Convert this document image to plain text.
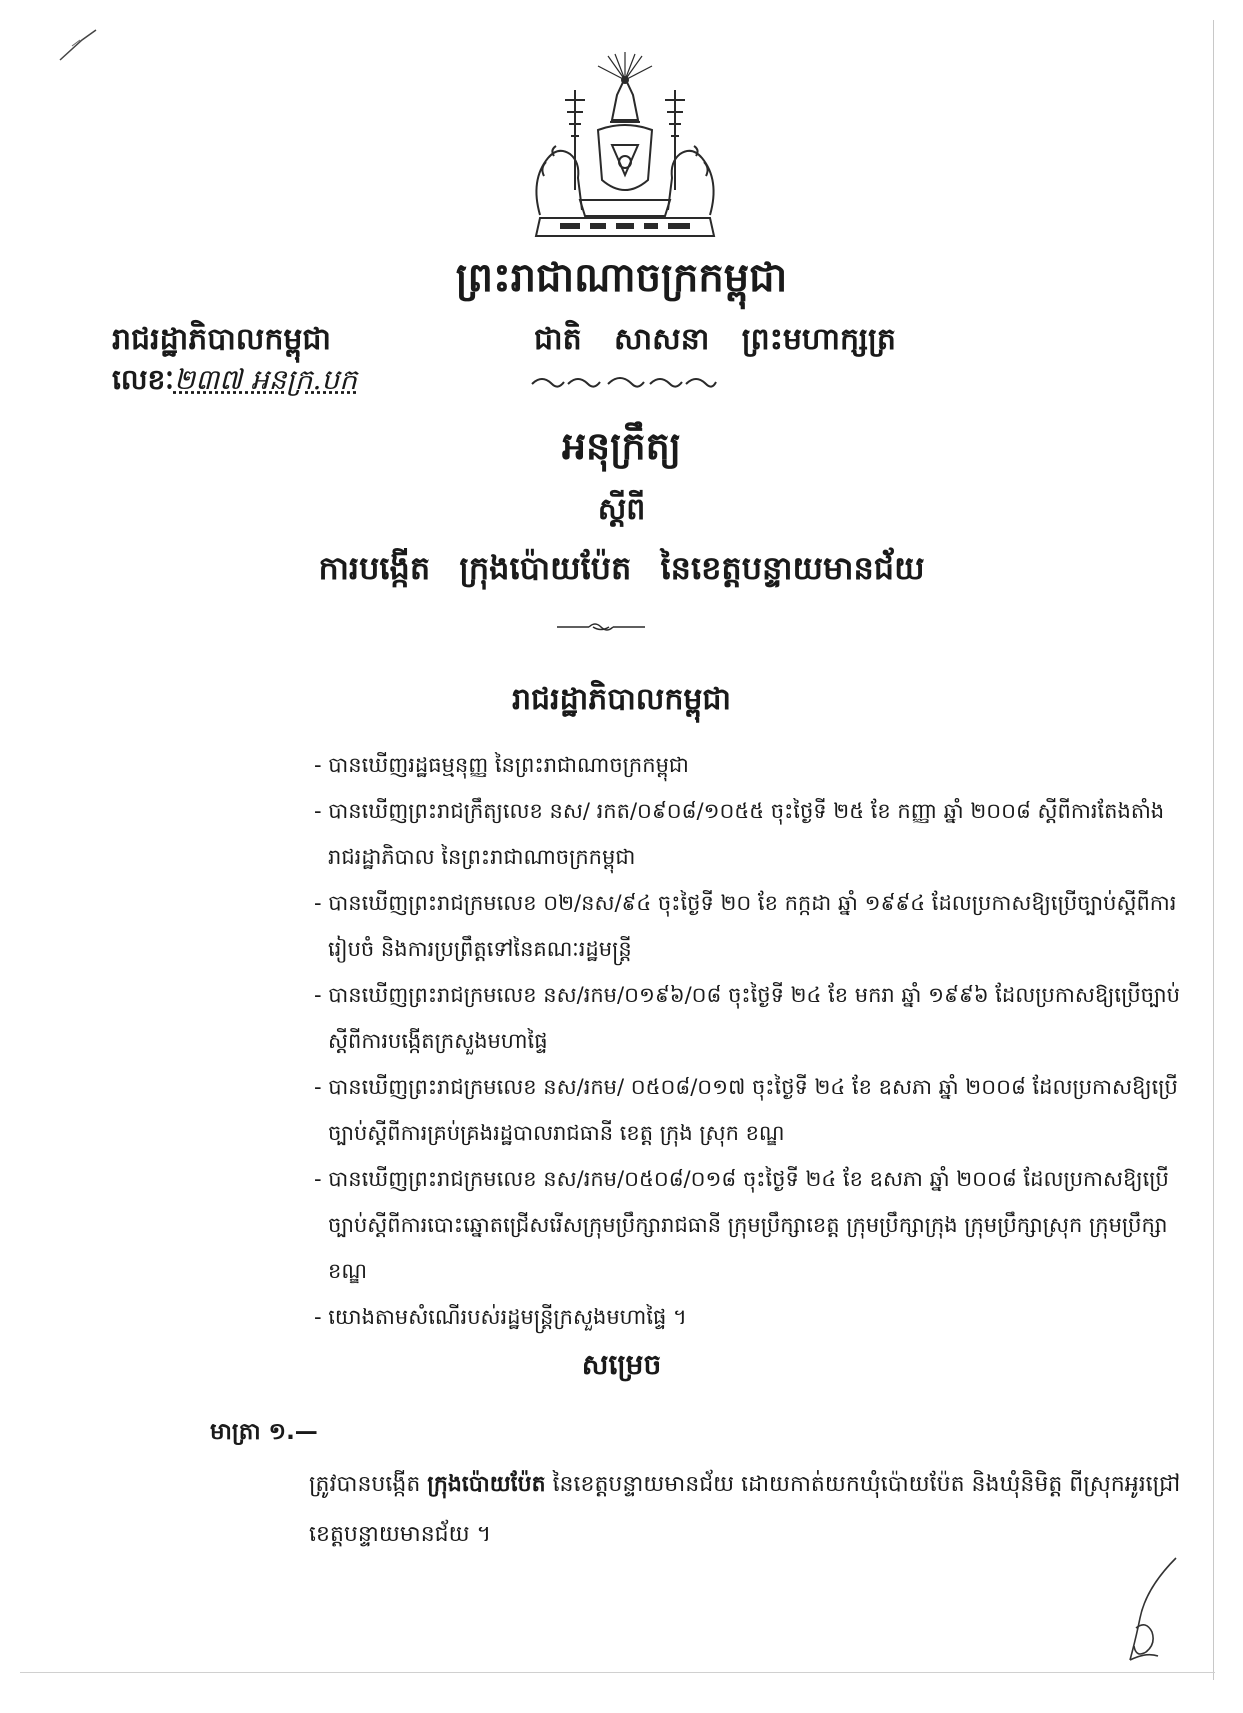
ព្រះរាជាណាចក្រកម្ពុជា
រាជរដ្ឋាភិបាលកម្ពុជា	ជាតិ សាសនា ព្រះមហាក្សត្រ
លេខៈ២៣៧ អនក្រ.បក
អនុក្រឹត្យ
ស្តីពី
ការបង្កើត ក្រុងប៉ោយប៉ែត នៃខេត្តបន្ទាយមានជ័យ
រាជរដ្ឋាភិបាលកម្ពុជា
- បានឃើញរដ្ឋធម្មនុញ្ញ នៃព្រះរាជាណាចក្រកម្ពុជា
- បានឃើញព្រះរាជក្រឹត្យលេខ នស/ រកត/០៩០៨/១០៥៥ ចុះថ្ងៃទី ២៥ ខែ កញ្ញា ឆ្នាំ ២០០៨ ស្តីពីការតែងតាំងរាជរដ្ឋាភិបាល នៃព្រះរាជាណាចក្រកម្ពុជា
- បានឃើញព្រះរាជក្រមលេខ ០២/នស/៩៤ ចុះថ្ងៃទី ២០ ខែ កក្កដា ឆ្នាំ ១៩៩៤ ដែលប្រកាសឱ្យប្រើច្បាប់ស្តីពីការរៀបចំ និងការប្រព្រឹត្តទៅនៃគណៈរដ្ឋមន្ត្រី
- បានឃើញព្រះរាជក្រមលេខ នស/រកម/០១៩៦/០៨ ចុះថ្ងៃទី ២៤ ខែ មករា ឆ្នាំ ១៩៩៦ ដែលប្រកាសឱ្យប្រើច្បាប់ស្តីពីការបង្កើតក្រសួងមហាផ្ទៃ
- បានឃើញព្រះរាជក្រមលេខ នស/រកម/ ០៥០៨/០១៧ ចុះថ្ងៃទី ២៤ ខែ ឧសភា ឆ្នាំ ២០០៨ ដែលប្រកាសឱ្យប្រើច្បាប់ស្តីពីការគ្រប់គ្រងរដ្ឋបាលរាជធានី ខេត្ត ក្រុង ស្រុក ខណ្ឌ
- បានឃើញព្រះរាជក្រមលេខ នស/រកម/០៥០៨/០១៨ ចុះថ្ងៃទី ២៤ ខែ ឧសភា ឆ្នាំ ២០០៨ ដែលប្រកាសឱ្យប្រើច្បាប់ស្តីពីការបោះឆ្នោតជ្រើសរើសក្រុមប្រឹក្សារាជធានី ក្រុមប្រឹក្សាខេត្ត ក្រុមប្រឹក្សាក្រុង ក្រុមប្រឹក្សាស្រុក ក្រុមប្រឹក្សាខណ្ឌ
- យោងតាមសំណើរបស់រដ្ឋមន្ត្រីក្រសួងមហាផ្ទៃ ។
សម្រេច
មាត្រា ១.—
ត្រូវបានបង្កើត ក្រុងប៉ោយប៉ែត នៃខេត្តបន្ទាយមានជ័យ ដោយកាត់យកឃុំប៉ោយប៉ែត និងឃុំនិមិត្ត ពីស្រុកអូរជ្រៅ ខេត្តបន្ទាយមានជ័យ ។
